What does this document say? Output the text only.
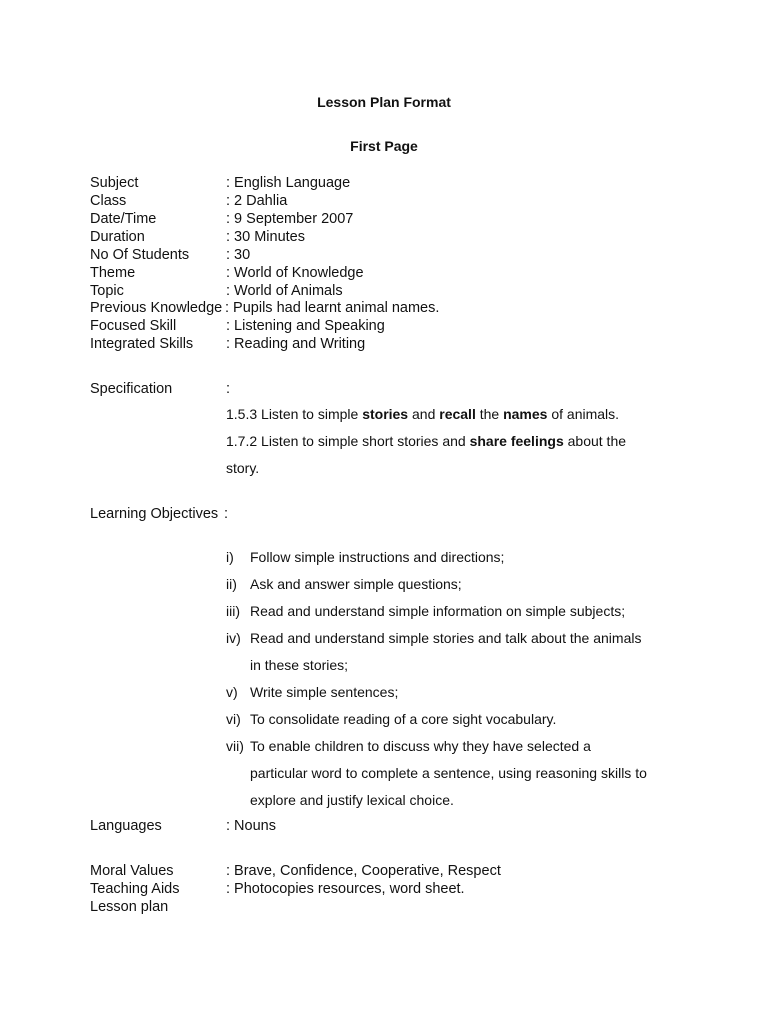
Lesson Plan Format
First Page
Subject	: English Language
Class	: 2 Dahlia
Date/Time	: 9 September 2007
Duration	: 30 Minutes
No Of Students	: 30
Theme	: World of Knowledge
Topic	: World of Animals
Previous Knowledge : Pupils had learnt animal names.
Focused Skill	: Listening and Speaking
Integrated Skills : Reading and Writing
Specification	:
1.5.3 Listen to simple stories and recall the names of animals.
1.7.2 Listen to simple short stories and share feelings about the
story.
Learning Objectives :
i) Follow simple instructions and directions;
ii) Ask and answer simple questions;
iii) Read and understand simple information on simple subjects;
iv) Read and understand simple stories and talk about the animals
in these stories;
v) Write simple sentences;
vi) To consolidate reading of a core sight vocabulary.
vii) To enable children to discuss why they have selected a
particular word to complete a sentence, using reasoning skills to
explore and justify lexical choice.
Languages	: Nouns
Moral Values	: Brave, Confidence, Cooperative, Respect
Teaching Aids	: Photocopies resources, word sheet.
Lesson plan
